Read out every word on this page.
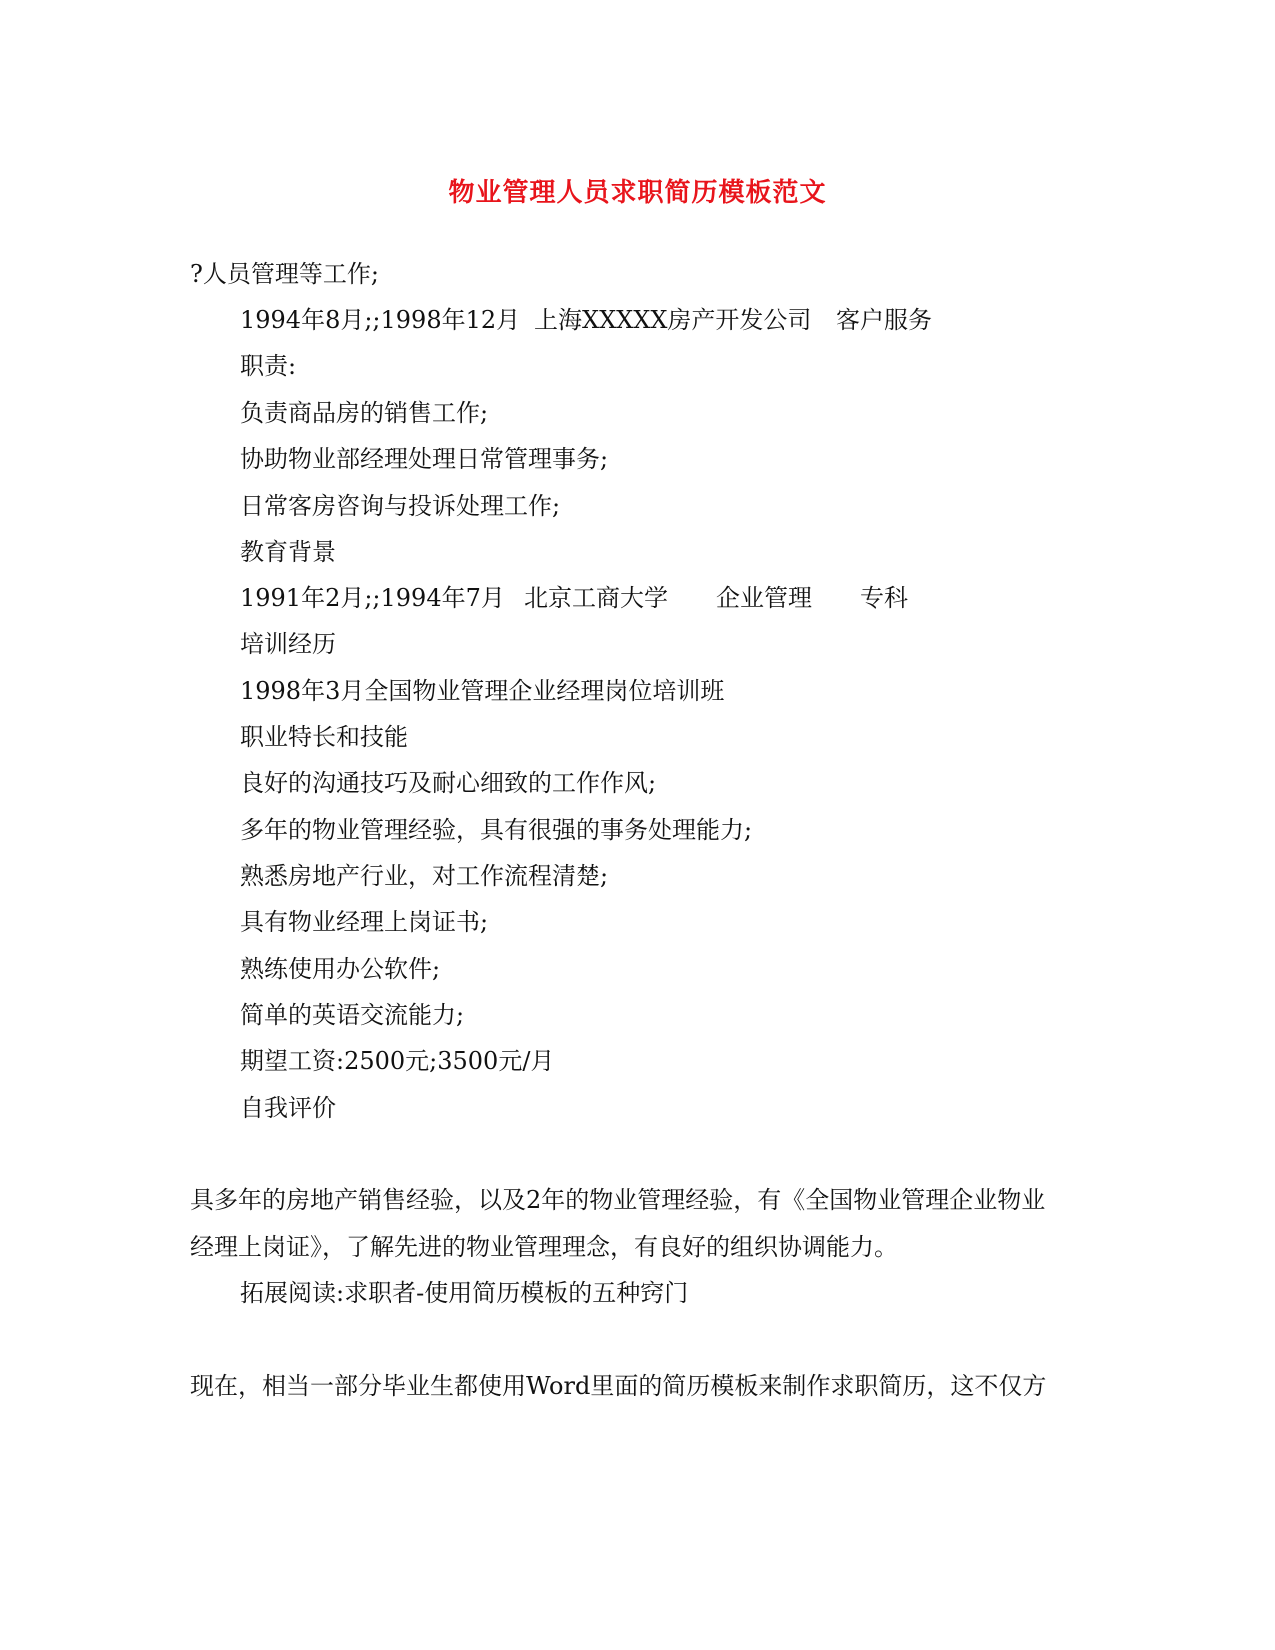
物业管理人员求职简历模板范文
?人员管理等工作;
1994年8月;;1998年12月 上海XXXXX房产开发公司 客户服务
职责:
负责商品房的销售工作;
协助物业部经理处理日常管理事务;
日常客房咨询与投诉处理工作;
教育背景
1991年2月;;1994年7月 北京工商大学 企业管理 专科
培训经历
1998年3月全国物业管理企业经理岗位培训班
职业特长和技能
良好的沟通技巧及耐心细致的工作作风;
多年的物业管理经验，具有很强的事务处理能力;
熟悉房地产行业，对工作流程清楚;
具有物业经理上岗证书;
熟练使用办公软件;
简单的英语交流能力;
期望工资:2500元;3500元/月
自我评价
具多年的房地产销售经验，以及2年的物业管理经验，有《全国物业管理企业物业
经理上岗证》，了解先进的物业管理理念，有良好的组织协调能力。
拓展阅读:求职者-使用简历模板的五种窍门
现在，相当一部分毕业生都使用Word里面的简历模板来制作求职简历，这不仅方
